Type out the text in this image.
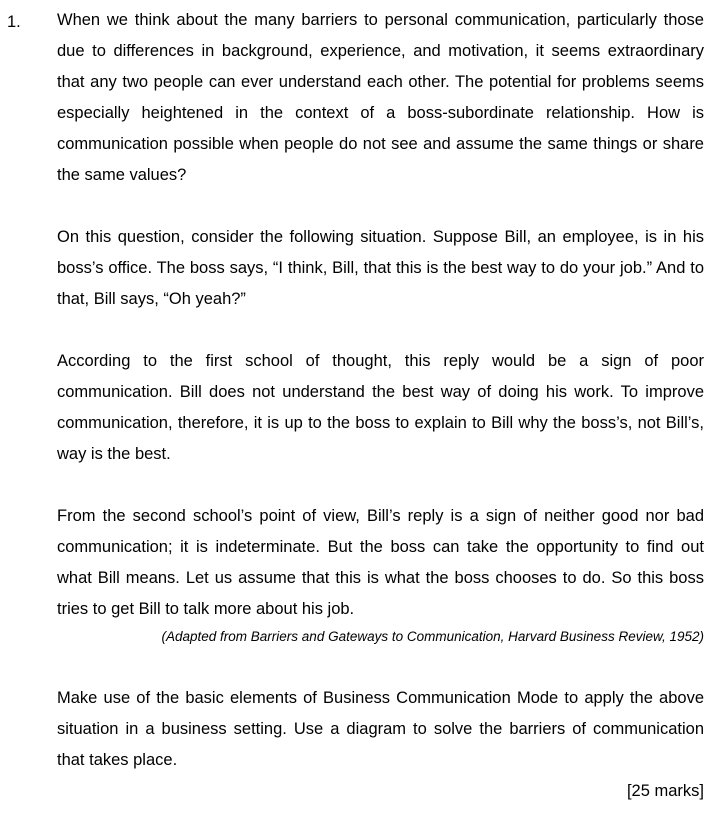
1. When we think about the many barriers to personal communication, particularly those due to differences in background, experience, and motivation, it seems extraordinary that any two people can ever understand each other. The potential for problems seems especially heightened in the context of a boss-subordinate relationship. How is communication possible when people do not see and assume the same things or share the same values?

On this question, consider the following situation. Suppose Bill, an employee, is in his boss’s office. The boss says, “I think, Bill, that this is the best way to do your job.” And to that, Bill says, “Oh yeah?”

According to the first school of thought, this reply would be a sign of poor communication. Bill does not understand the best way of doing his work. To improve communication, therefore, it is up to the boss to explain to Bill why the boss’s, not Bill’s, way is the best.

From the second school’s point of view, Bill’s reply is a sign of neither good nor bad communication; it is indeterminate. But the boss can take the opportunity to find out what Bill means. Let us assume that this is what the boss chooses to do. So this boss tries to get Bill to talk more about his job.

(Adapted from Barriers and Gateways to Communication, Harvard Business Review, 1952)

Make use of the basic elements of Business Communication Mode to apply the above situation in a business setting. Use a diagram to solve the barriers of communication that takes place.

[25 marks]
